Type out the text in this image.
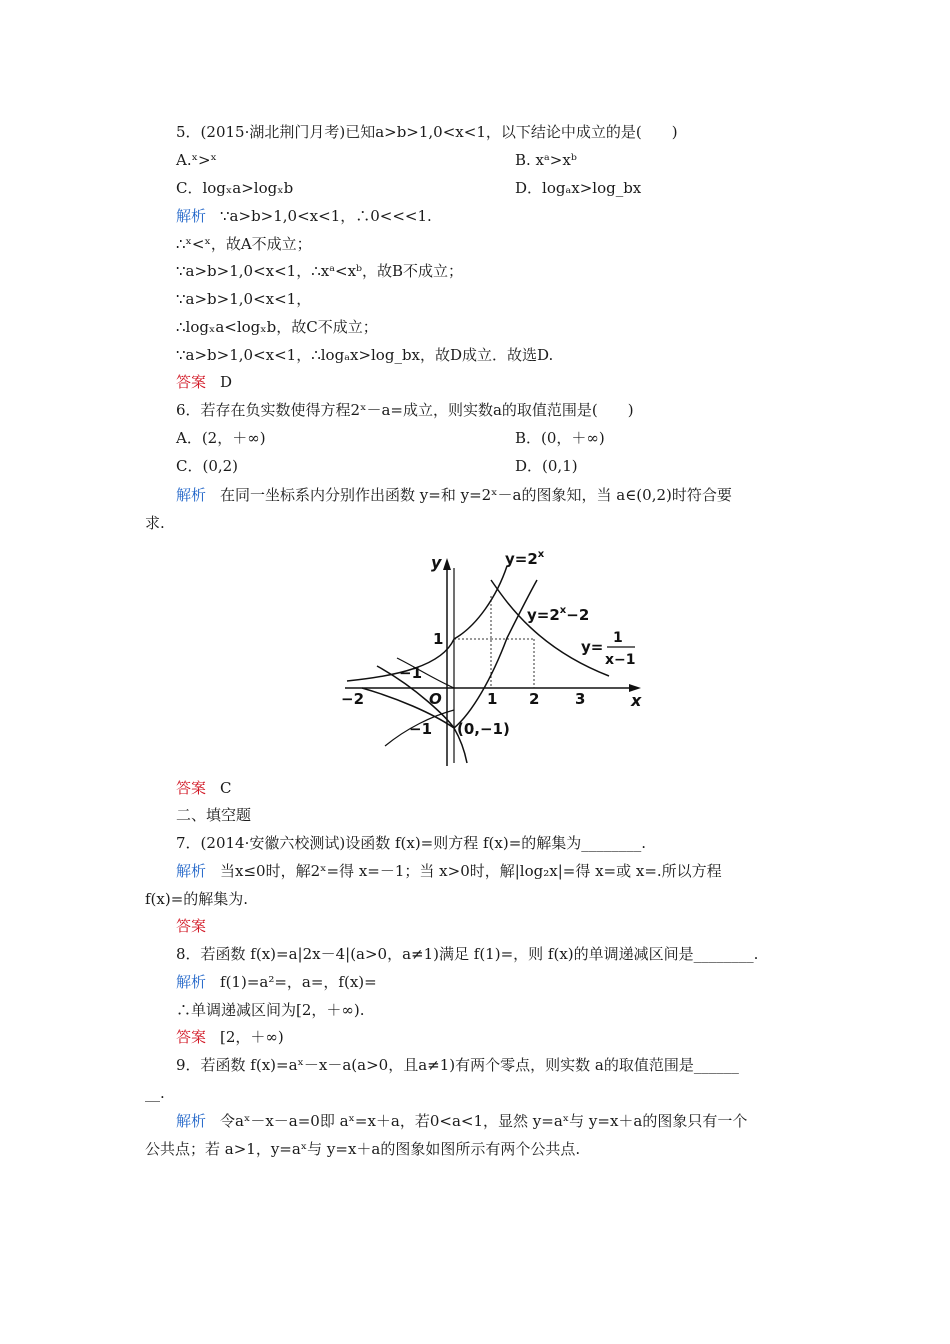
5．(2015·湖北荆门月考)已知a>b>1,0<x<1，以下结论中成立的是(　　)
A.ˣ>ˣ	B. xᵃ>xᵇ
C．logₓa>logₓb	D．logₐx>log_bx
解析 ∵a>b>1,0<x<1，∴0<<<1.
∴ˣ<ˣ，故A不成立；
∵a>b>1,0<x<1，∴xᵃ<xᵇ，故B不成立；
∵a>b>1,0<x<1，
∴logₓa<logₓb，故C不成立；
∵a>b>1,0<x<1，∴logₐx>log_bx，故D成立．故选D.
答案 D
6．若存在负实数使得方程2ˣ－a=成立，则实数a的取值范围是(　　)
A．(2，＋∞)	B．(0，＋∞)
C．(0,2)	D．(0,1)
解析 在同一坐标系内分别作出函数 y=和 y=2ˣ－a的图象知，当 a∈(0,2)时符合要
求.
y
x
$y=2^x$
$y=2^x-2$
y= 1
x−1
−2
−1
O	1 2 3
1
−1 (0,−1)
答案 C
二、填空题
7．(2014·安徽六校测试)设函数 f(x)=则方程 f(x)=的解集为________.
解析 当x≤0时，解2ˣ=得 x=－1；当 x>0时，解|log₂x|=得 x=或 x=.所以方程
f(x)=的解集为.
答案
8．若函数 f(x)=a|2x－4|(a>0，a≠1)满足 f(1)=，则 f(x)的单调递减区间是________.
解析 f(1)=a²=，a=，f(x)=
∴单调递减区间为[2，＋∞).
答案 [2，＋∞)
9．若函数 f(x)=aˣ－x－a(a>0，且a≠1)有两个零点，则实数 a的取值范围是______
__.
解析 令aˣ－x－a=0即 aˣ=x＋a，若0<a<1，显然 y=aˣ与 y=x＋a的图象只有一个
公共点；若 a>1，y=aˣ与 y=x＋a的图象如图所示有两个公共点.
